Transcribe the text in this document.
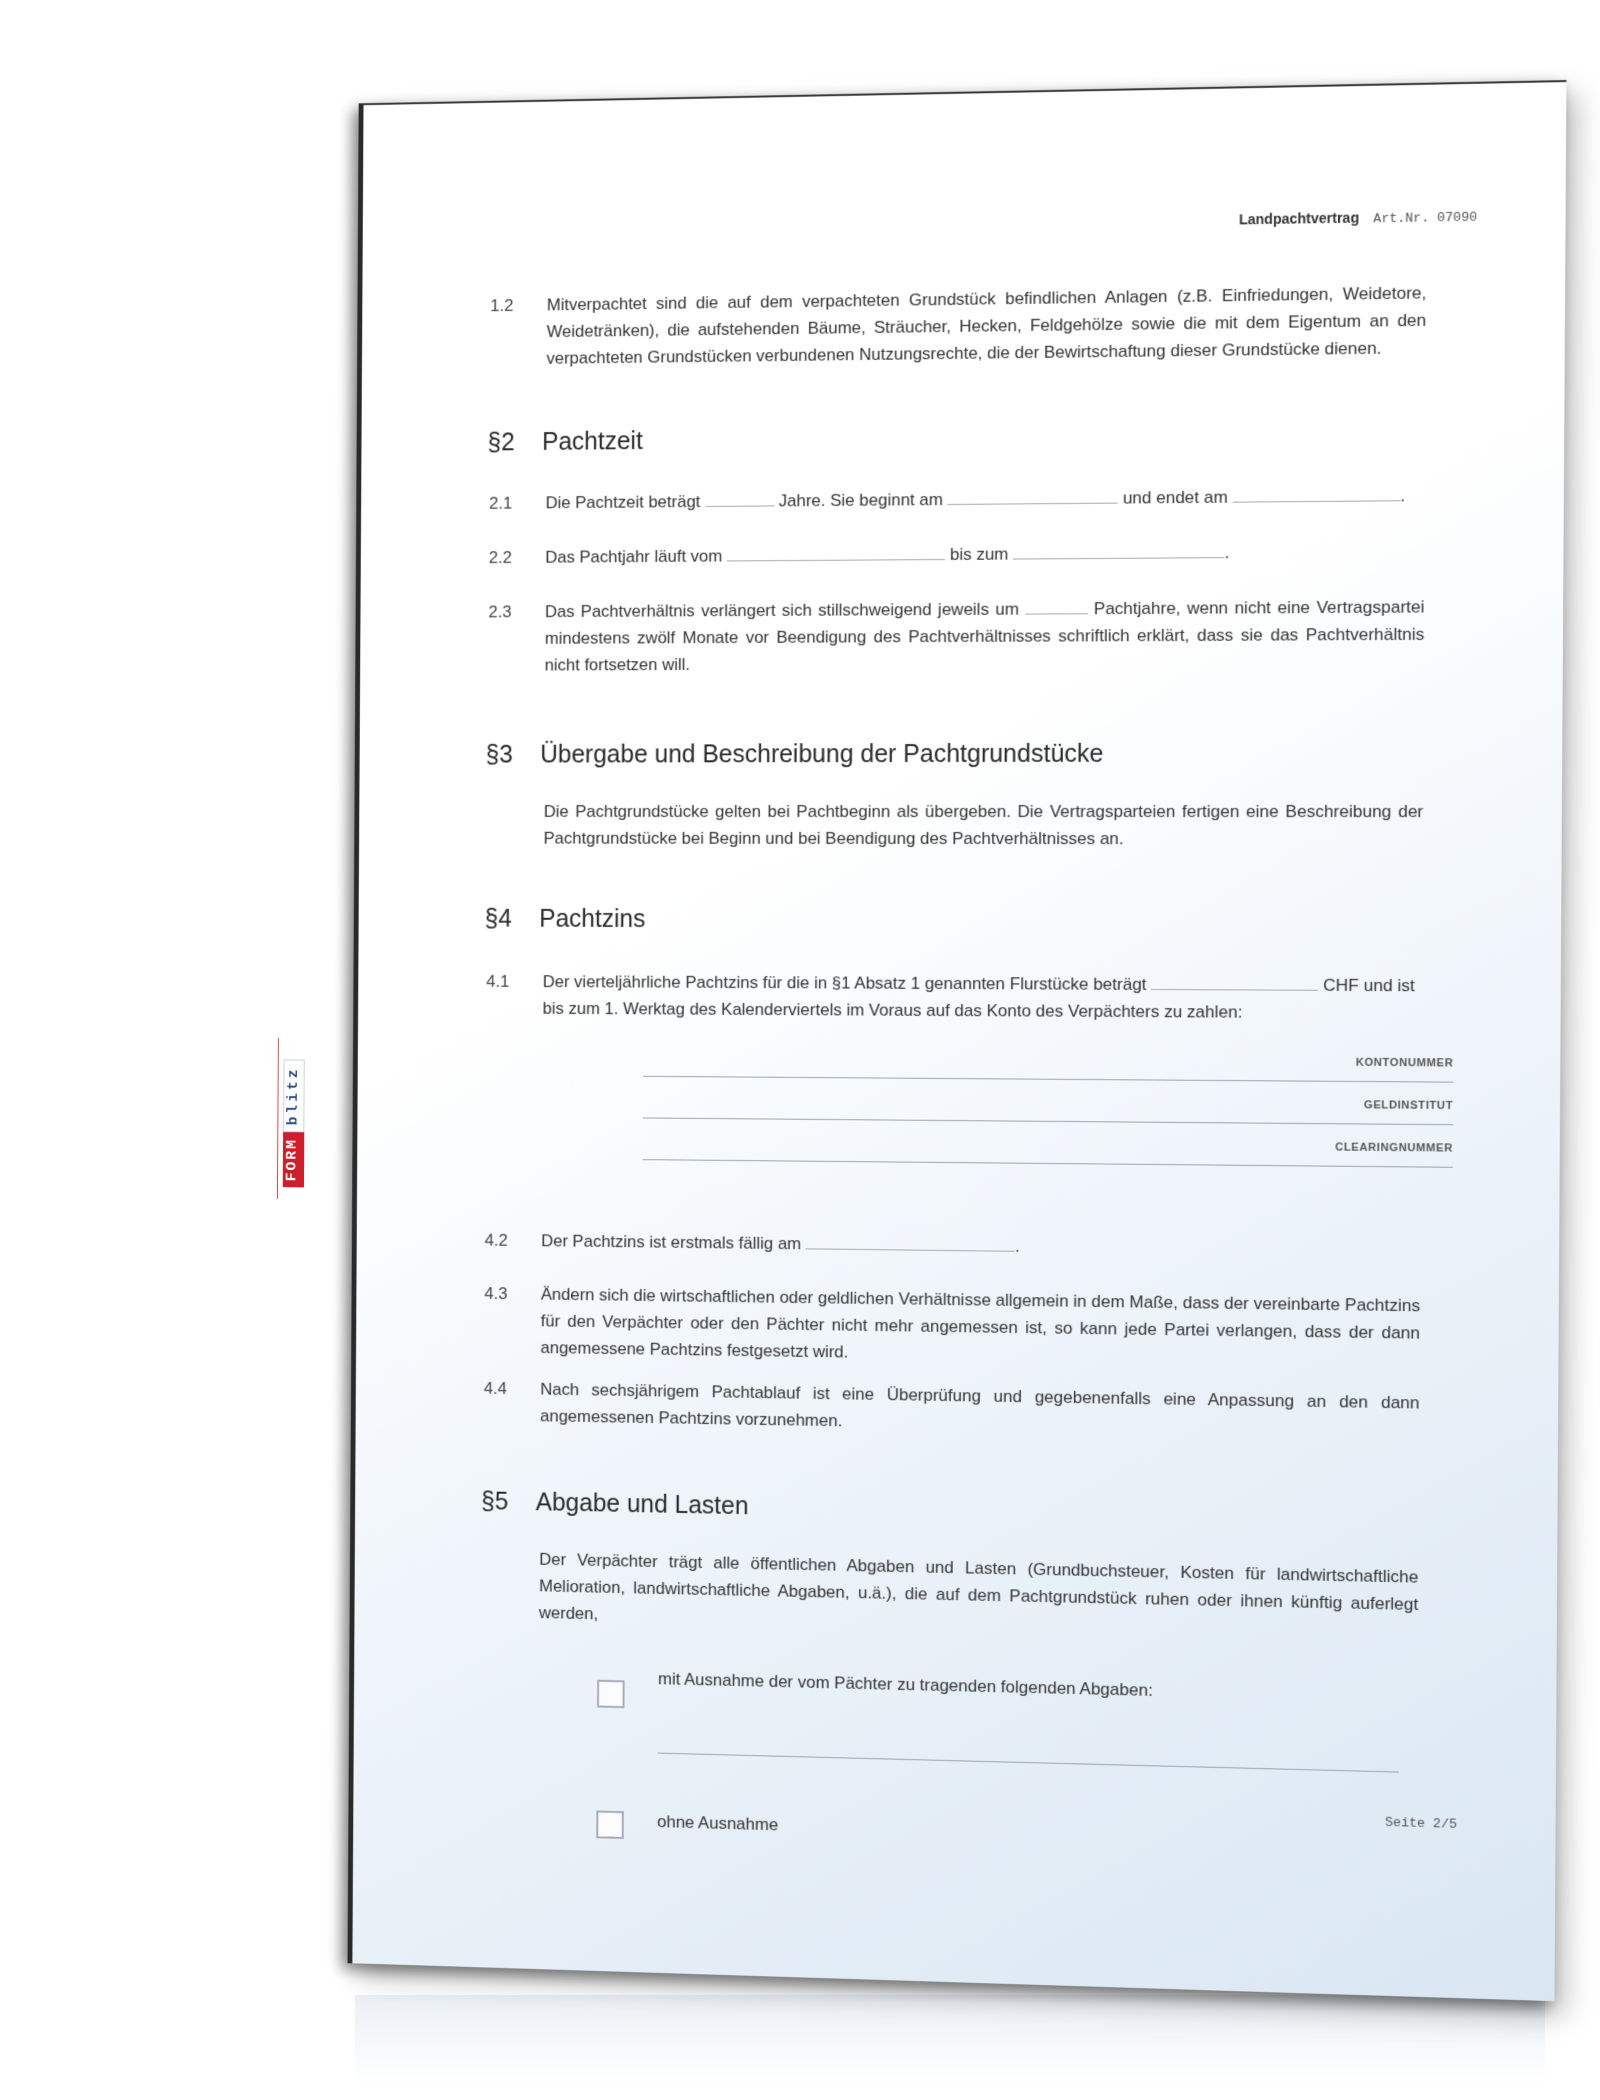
FORM
blitz
Landpachtvertrag Art.Nr. 07090
1.2 Mitverpachtet sind die auf dem verpachteten Grundstück befindlichen Anlagen (z.B. Einfriedungen, Weidetore, Weidetränken), die aufstehenden Bäume, Sträucher, Hecken, Feldgehölze sowie die mit dem Eigentum an den verpachteten Grundstücken verbundenen Nutzungsrechte, die der Bewirtschaftung dieser Grundstücke dienen.

§2 Pachtzeit
2.1 Die Pachtzeit beträgt	Jahre. Sie beginnt am	und endet am	.
2.2 Das Pachtjahr läuft vom	bis zum	.
2.3 Das Pachtverhältnis verlängert sich stillschweigend jeweils um	Pachtjahre, wenn nicht eine Vertragspartei mindestens zwölf Monate vor Beendigung des Pachtverhältnisses schriftlich erklärt, dass sie das Pachtverhältnis nicht fortsetzen will.
§3 Übergabe und Beschreibung der Pachtgrundstücke

Die Pachtgrundstücke gelten bei Pachtbeginn als übergeben. Die Vertragsparteien fertigen eine Beschreibung der Pachtgrundstücke bei Beginn und bei Beendigung des Pachtverhältnisses an.

§4 Pachtzins
4.1 Der vierteljährliche Pachtzins für die in §1 Absatz 1 genannten Flurstücke beträgt	CHF und ist bis zum 1. Werktag des Kalenderviertels im Voraus auf das Konto des Verpächters zu zahlen:
KONTONUMMER
GELDINSTITUT
CLEARINGNUMMER
4.2 Der Pachtzins ist erstmals fällig am	.
4.3 Ändern sich die wirtschaftlichen oder geldlichen Verhältnisse allgemein in dem Maße, dass der vereinbarte Pachtzins für den Verpächter oder den Pächter nicht mehr angemessen ist, so kann jede Partei verlangen, dass der dann angemessene Pachtzins festgesetzt wird.

4.4 Nach sechsjährigem Pachtablauf ist eine Überprüfung und gegebenenfalls eine Anpassung an den dann angemessenen Pachtzins vorzunehmen.

§5 Abgabe und Lasten

Der Verpächter trägt alle öffentlichen Abgaben und Lasten (Grundbuchsteuer, Kosten für landwirtschaftliche Melioration, landwirtschaftliche Abgaben, u.ä.), die auf dem Pachtgrundstück ruhen oder ihnen künftig auferlegt werden,

mit Ausnahme der vom Pächter zu tragenden folgenden Abgaben:
ohne Ausnahme	Seite 2/5
